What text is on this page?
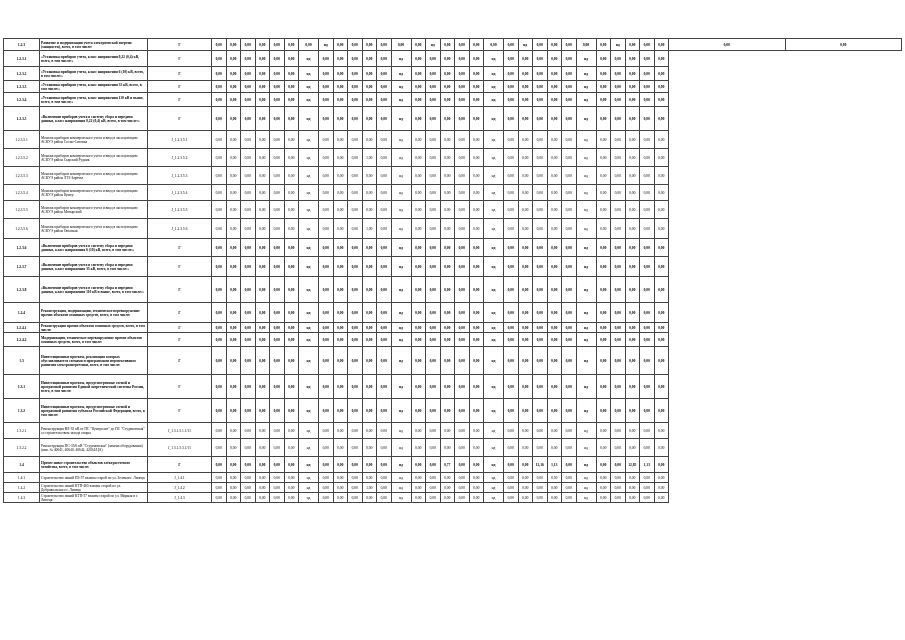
1.2.3	Развитие и модернизация учета электрической энергии (мощности), всего, в том числе:	Г	0,00	0,00	0,00	0,00	0,00	0,00	0,00	нд	0,00	0,00	0,00	0,00	0,00	0,00	нд	0,00	0,00	0,00	0,00	0,00	нд	0,00	0,00	0,00	0,00	0,00	нд	0,00	0,00	0,00	0,00	0,00
1.2.3.1	«Установка приборов учета, класс напряжения 0,22 (0,4) кВ, всего, в том числе:»	Г	0,00	0,00	0,00	0,00	0,00	0,00	нд	0,00	0,00	0,00	0,00	0,00	нд	0,00	0,00	0,00	0,00	0,00	нд	0,00	0,00	0,00	0,00	0,00	нд	0,00	0,00	0,00	0,00	0,00		
1.2.3.2	«Установка приборов учета, класс напряжения 6 (10) кВ, всего, в том числе:»	Г	0,00	0,00	0,00	0,00	0,00	0,00	нд	0,00	0,00	0,00	0,00	0,00	нд	0,00	0,00	0,00	0,00	0,00	нд	0,00	0,00	0,00	0,00	0,00	нд	0,00	0,00	0,00	0,00	0,00		
1.2.3.3	«Установка приборов учета, класс напряжения 35 кВ, всего, в том числе:»	Г	0,00	0,00	0,00	0,00	0,00	0,00	нд	0,00	0,00	0,00	0,00	0,00	нд	0,00	0,00	0,00	0,00	0,00	нд	0,00	0,00	0,00	0,00	0,00	нд	0,00	0,00	0,00	0,00	0,00		
1.2.3.4	«Установка приборов учета, класс напряжения 110 кВ и выше, всего, в том числе:»	Г	0,00	0,00	0,00	0,00	0,00	0,00	нд	0,00	0,00	0,00	0,00	0,00	нд	0,00	0,00	0,00	0,00	0,00	нд	0,00	0,00	0,00	0,00	0,00	нд	0,00	0,00	0,00	0,00	0,00		
1.2.3.5	«Включение приборов учета в систему сбора и передачи данных, класс напряжения 0,22 (0,4) кВ, всего, в том числе:»	Г	0,00	0,00	0,00	0,00	0,00	0,00	нд	0,00	0,00	0,00	0,00	0,00	нд	0,00	0,00	0,00	0,00	0,00	нд	0,00	0,00	0,00	0,00	0,00	нд	0,00	0,00	0,00	0,00	0,00		
1.2.3.5.1	Монтаж приборов коммерческого учета и ввод в эксплуатацию АСКУЭ район Сосно-Ситовка	J_1.2.3.5.1	0,00	0,00	0,00	0,00	0,00	0,00	нд	0,00	0,00	0,00	0,00	0,00	нд	0,00	0,00	0,00	0,00	0,00	нд	0,00	0,00	0,00	0,00	0,00	нд	0,00	0,00	0,00	0,00	0,00		
1.2.3.5.2	Монтаж приборов коммерческого учета и ввод в эксплуатацию АСКУЭ район Сырский Рудник	J_1.2.3.5.2	0,00	0,00	0,00	0,00	0,00	0,00	нд	0,00	0,00	0,00	1,00	0,00	нд	0,00	0,00	0,00	0,00	0,00	нд	0,00	0,00	0,00	0,00	0,00	нд	0,00	0,00	0,00	0,00	0,00		
1.2.3.5.3	Монтаж приборов коммерческого учета и ввод в эксплуатацию АСКУЭ район ЛТЗ-Заречье	J_1.2.3.5.3	0,00	0,00	0,00	0,00	0,00	0,00	нд	0,00	0,00	0,00	0,00	0,00	нд	0,00	0,00	0,00	0,00	0,00	нд	0,00	0,00	0,00	0,00	0,00	нд	0,00	0,00	0,00	0,00	0,00		
1.2.3.5.4	Монтаж приборов коммерческого учета и ввод в эксплуатацию АСКУЭ район Центр	J_1.2.3.5.4	0,00	0,00	0,00	0,00	0,00	0,00	нд	0,00	0,00	0,00	0,00	0,00	нд	0,00	0,00	0,00	0,00	0,00	нд	0,00	0,00	0,00	0,00	0,00	нд	0,00	0,00	0,00	0,00	0,00		
1.2.3.5.5	Монтаж приборов коммерческого учета и ввод в эксплуатацию АСКУЭ район Матырский	J_1.2.3.5.5	0,00	0,00	0,00	0,00	0,00	0,00	нд	0,00	0,00	0,00	0,00	0,00	нд	0,00	0,00	0,00	0,00	0,00	нд	0,00	0,00	0,00	0,00	0,00	нд	0,00	0,00	0,00	0,00	0,00		
1.2.3.5.6	Монтаж приборов коммерческого учета и ввод в эксплуатацию АСКУЭ район Опытная	J_1.2.3.5.6	0,00	0,00	0,00	0,00	0,00	0,00	нд	0,00	0,00	0,00	1,00	0,00	нд	0,00	0,00	0,00	0,00	0,00	нд	0,00	0,00	0,00	0,00	0,00	нд	0,00	0,00	0,00	0,00	0,00		
1.2.3.6	«Включение приборов учета в систему сбора и передачи данных, класс напряжения 6 (10) кВ, всего, в том числе:»	Г	0,00	0,00	0,00	0,00	0,00	0,00	нд	0,00	0,00	0,00	0,00	0,00	нд	0,00	0,00	0,00	0,00	0,00	нд	0,00	0,00	0,00	0,00	0,00	нд	0,00	0,00	0,00	0,00	0,00		
1.2.3.7	«Включение приборов учета в систему сбора и передачи данных, класс напряжения 35 кВ, всего, в том числе:»	Г	0,00	0,00	0,00	0,00	0,00	0,00	нд	0,00	0,00	0,00	0,00	0,00	нд	0,00	0,00	0,00	0,00	0,00	нд	0,00	0,00	0,00	0,00	0,00	нд	0,00	0,00	0,00	0,00	0,00		
1.2.3.8	«Включение приборов учета в систему сбора и передачи данных, класс напряжения 110 кВ и выше, всего, в том числе:»	Г	0,00	0,00	0,00	0,00	0,00	0,00	нд	0,00	0,00	0,00	0,00	0,00	нд	0,00	0,00	0,00	0,00	0,00	нд	0,00	0,00	0,00	0,00	0,00	нд	0,00	0,00	0,00	0,00	0,00		
1.2.4	Реконструкция, модернизация, техническое перевооружение прочих объектов основных средств, всего, в том числе:	Г	0,00	0,00	0,00	0,00	0,00	0,00	нд	0,00	0,00	0,00	0,00	0,00	нд	0,00	0,00	0,00	0,00	0,00	нд	0,00	0,00	0,00	0,00	0,00	нд	0,00	0,00	0,00	0,00	0,00		
1.2.4.1	Реконструкция прочих объектов основных средств, всего, в том числе:	Г	0,00	0,00	0,00	0,00	0,00	0,00	нд	0,00	0,00	0,00	0,00	0,00	нд	0,00	0,00	0,00	0,00	0,00	нд	0,00	0,00	0,00	0,00	0,00	нд	0,00	0,00	0,00	0,00	0,00		
1.2.4.2	Модернизация, техническое перевооружение прочих объектов основных средств, всего, в том числе:	Г	0,00	0,00	0,00	0,00	0,00	0,00	нд	0,00	0,00	0,00	0,00	0,00	нд	0,00	0,00	0,00	0,00	0,00	нд	0,00	0,00	0,00	0,00	0,00	нд	0,00	0,00	0,00	0,00	0,00		
1.3	Инвестиционные проекты, реализация которых обуславливается схемами и программами перспективного развития электроэнергетики, всего, в том числе:	Г	0,00	0,00	0,00	0,00	0,00	0,00	нд	0,00	0,00	0,00	0,00	0,00	нд	0,00	0,00	0,00	0,00	0,00	нд	0,00	0,00	0,00	0,00	0,00	нд	0,00	0,00	0,00	0,00	0,00		
1.3.1	Инвестиционные проекты, предусмотренные схемой и программой развития Единой энергетической системы России, всего, в том числе:	Г	0,00	0,00	0,00	0,00	0,00	0,00	нд	0,00	0,00	0,00	0,00	0,00	нд	0,00	0,00	0,00	0,00	0,00	нд	0,00	0,00	0,00	0,00	0,00	нд	0,00	0,00	0,00	0,00	0,00		
1.3.2	Инвестиционные проекты, предусмотренные схемой и программой развития субъекта Российской Федерации, всего, в том числе:	Г	0,00	0,00	0,00	0,00	0,00	0,00	нд	0,00	0,00	0,00	0,00	0,00	нд	0,00	0,00	0,00	0,00	0,00	нд	0,00	0,00	0,00	0,00	0,00	нд	0,00	0,00	0,00	0,00	0,00		
1.3.2.1	Реконструкция ВЛ-35 кВ от ПС "Центролит" до ПС "Студеновская" со строительством захода опоры	J_1.3.1.5.1.1/11	0,00	0,00	0,00	0,00	0,00	0,00	нд	0,00	0,00	0,00	0,00	0,00	нд	0,00	0,00	0,00	0,00	0,00	нд	0,00	0,00	0,00	0,00	0,00	нд	0,00	0,00	0,00	0,00	0,00		
1.3.2.2	Реконструкция ПС-35/6 кВ "Студеновская" (замена оборудования) (инв. № 40641, 40640, 40642, 42034/ЦА)	J_1.3.1.5.3.1/11	0,00	0,00	0,00	0,00	0,00	0,00	нд	0,00	0,00	0,00	0,00	0,00	нд	0,00	0,00	0,00	0,00	0,00	нд	0,00	0,00	0,00	0,00	0,00	нд	0,00	0,00	0,00	0,00	0,00		
1.4	Прочее новое строительство объектов электросетевого хозяйства, всего, в том числе:	Г	0,00	0,00	0,00	0,00	0,00	0,00	нд	0,00	0,00	0,00	0,00	0,00	нд	0,00	0,00	0,77	0,00	0,00	нд	0,00	0,00	12,16	1,13	0,00	нд	0,00	0,00	12,85	1,13	0,00		
1.4.1	Строительство линий ПЗ-57 взамен старой по ул. Зеленая г. Липецк	J_1.4.1	0,00	0,00	0,00	0,00	0,00	0,00	нд	0,00	0,00	0,00	0,00	0,00	нд	0,00	0,00	0,00	0,00	0,00	нд	0,00	0,00	0,00	0,50	0,00	нд	0,00	0,00	0,00	0,00	0,00		
1.4.2	Строительство линий КТП-465 взамен старой по ул. Добровольского г. Липецк	J_1.4.2	0,00	0,00	0,00	0,00	0,00	0,00	нд	0,00	0,00	0,00	1,00	0,00	нд	0,00	0,00	0,00	0,00	0,00	нд	0,00	0,00	0,00	0,00	0,00	нд	0,00	0,00	0,00	0,00	0,00		
1.4.3	Строительство линий КТП-57 взамен старой по ул. Мирная в г. Липецк	J_1.4.3	0,00	0,00	0,00	0,00	0,00	0,00	нд	0,00	0,00	0,00	0,00	0,00	нд	0,00	0,00	0,00	0,00	0,00	нд	0,00	0,00	0,00	0,00	0,00	нд	0,00	0,00	0,00	0,00	0,00		
